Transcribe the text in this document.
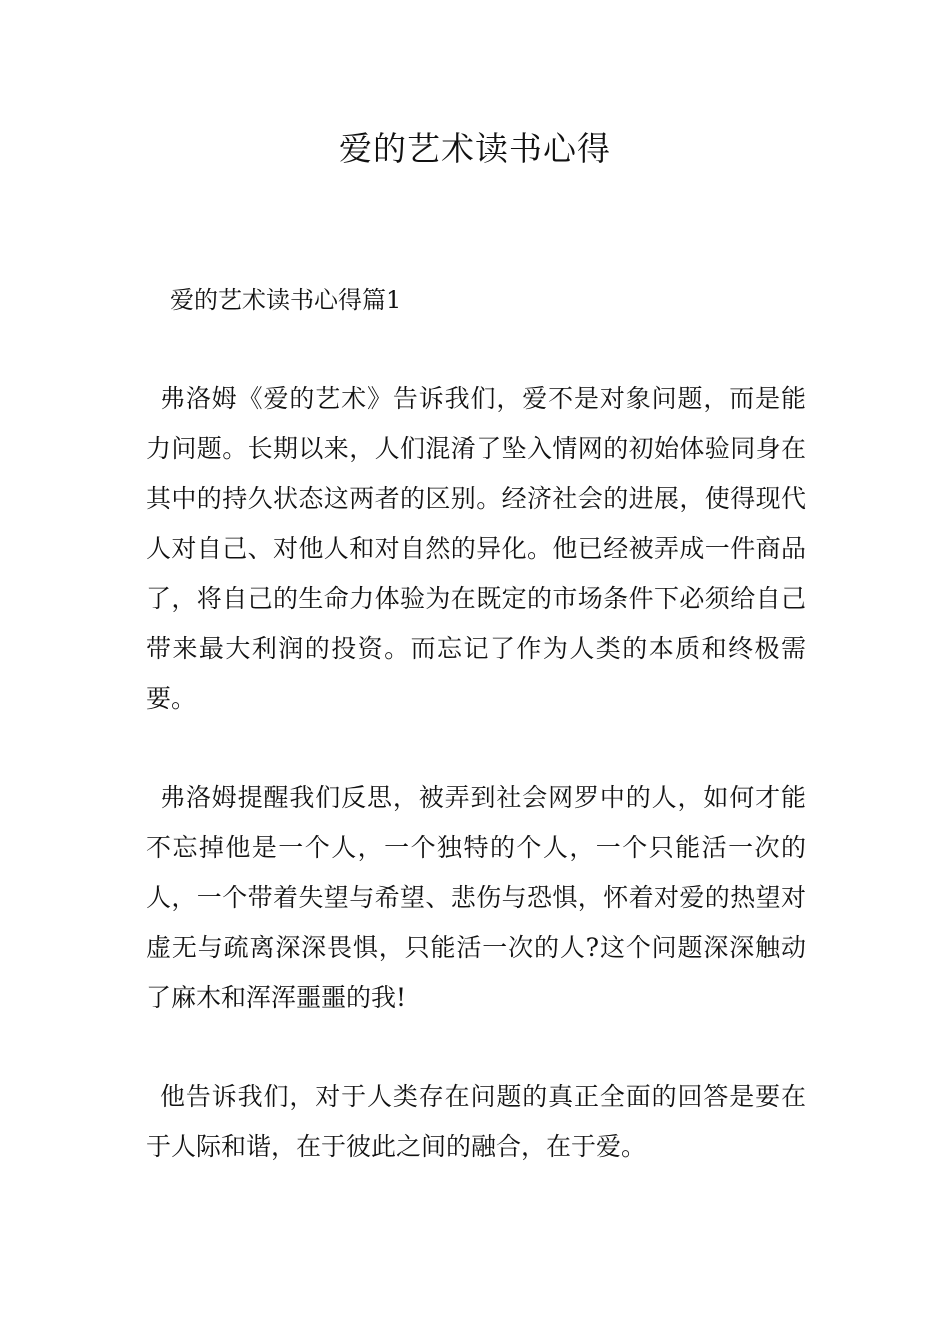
爱的艺术读书心得
爱的艺术读书心得篇1

弗洛姆《爱的艺术》告诉我们，爱不是对象问题，而是能力问题。长期以来，人们混淆了坠入情网的初始体验同身在其中的持久状态这两者的区别。经济社会的进展，使得现代人对自己、对他人和对自然的异化。他已经被弄成一件商品了，将自己的生命力体验为在既定的市场条件下必须给自己带来最大利润的投资。而忘记了作为人类的本质和终极需要。

弗洛姆提醒我们反思，被弄到社会网罗中的人，如何才能不忘掉他是一个人，一个独特的个人，一个只能活一次的人，一个带着失望与希望、悲伤与恐惧，怀着对爱的热望对虚无与疏离深深畏惧，只能活一次的人?这个问题深深触动了麻木和浑浑噩噩的我!

他告诉我们，对于人类存在问题的真正全面的回答是要在于人际和谐，在于彼此之间的融合，在于爱。
